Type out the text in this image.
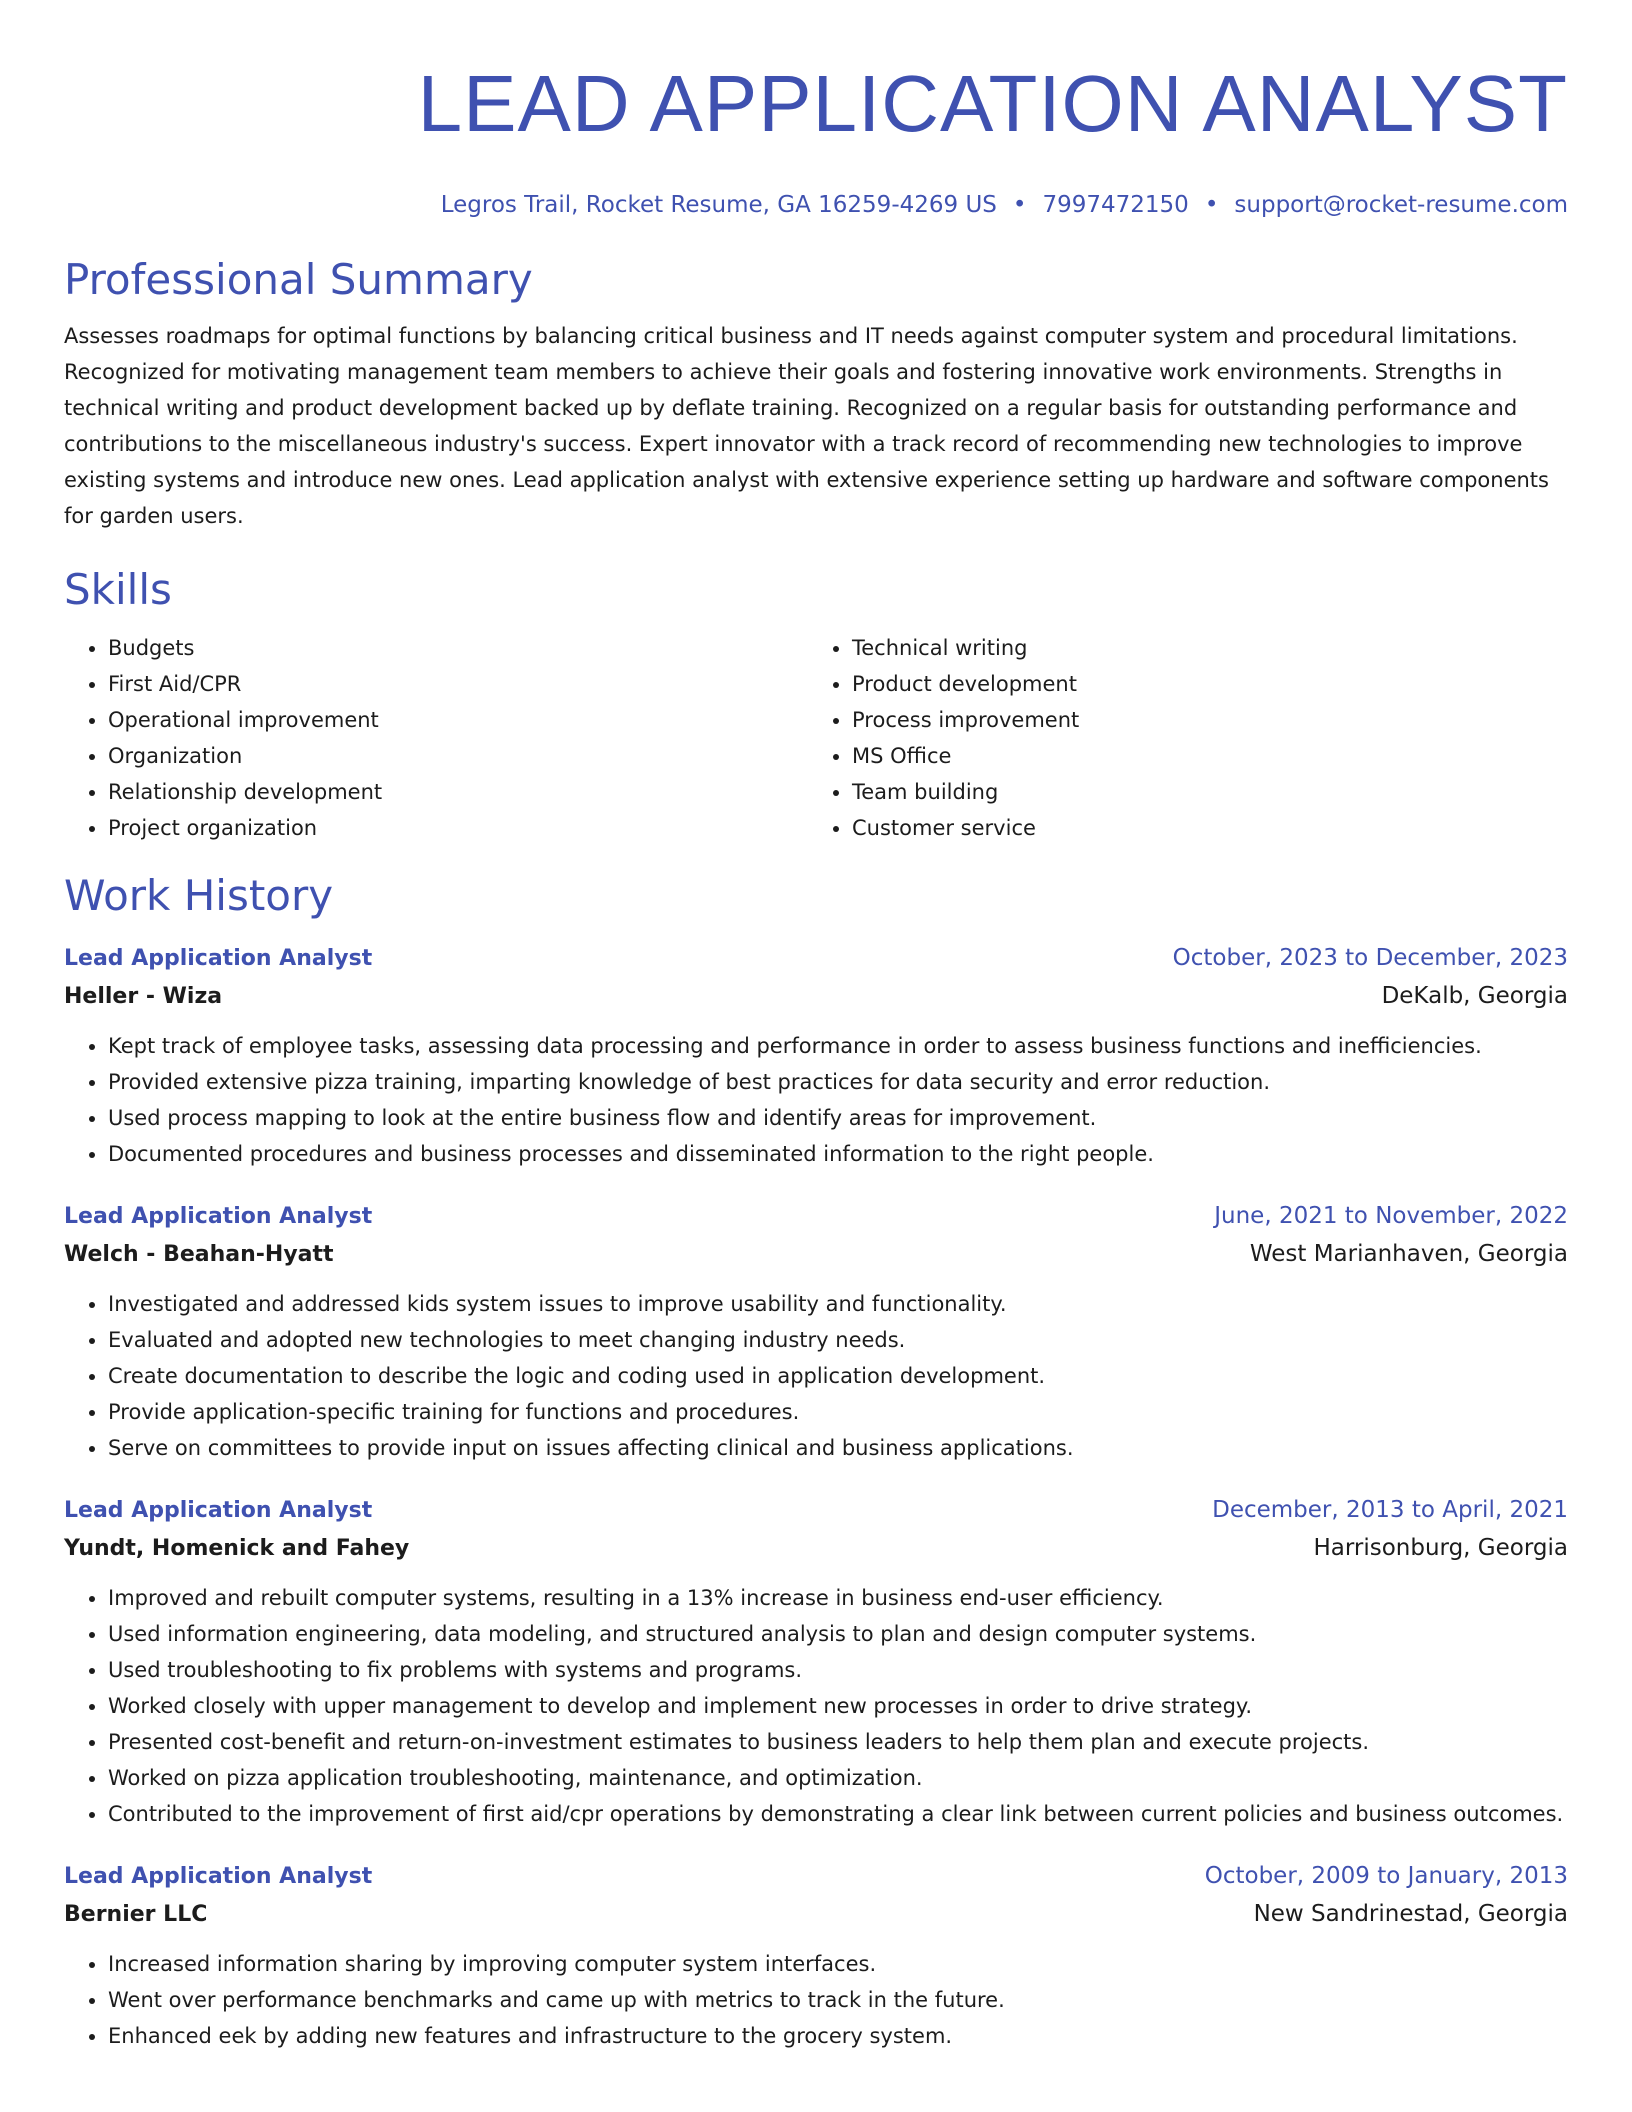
LEAD APPLICATION ANALYST
Legros Trail, Rocket Resume, GA 16259-4269 US • 7997472150 • support@rocket-resume.com
Professional Summary
Assesses roadmaps for optimal functions by balancing critical business and IT needs against computer system and procedural limitations. Recognized for motivating management team members to achieve their goals and fostering innovative work environments. Strengths in technical writing and product development backed up by deflate training. Recognized on a regular basis for outstanding performance and contributions to the miscellaneous industry's success. Expert innovator with a track record of recommending new technologies to improve existing systems and introduce new ones. Lead application analyst with extensive experience setting up hardware and software components for garden users.
Skills
• Budgets
• First Aid/CPR
• Operational improvement
• Organization
• Relationship development
• Project organization
• Technical writing
• Product development
• Process improvement
• MS Office
• Team building
• Customer service
Work History
Lead Application Analyst	October, 2023 to December, 2023
Heller - Wiza	DeKalb, Georgia
• Kept track of employee tasks, assessing data processing and performance in order to assess business functions and inefficiencies.
• Provided extensive pizza training, imparting knowledge of best practices for data security and error reduction.
• Used process mapping to look at the entire business flow and identify areas for improvement.
• Documented procedures and business processes and disseminated information to the right people.
Lead Application Analyst	June, 2021 to November, 2022
Welch - Beahan-Hyatt	West Marianhaven, Georgia
• Investigated and addressed kids system issues to improve usability and functionality.
• Evaluated and adopted new technologies to meet changing industry needs.
• Create documentation to describe the logic and coding used in application development.
• Provide application-specific training for functions and procedures.
• Serve on committees to provide input on issues affecting clinical and business applications.
Lead Application Analyst	December, 2013 to April, 2021
Yundt, Homenick and Fahey	Harrisonburg, Georgia
• Improved and rebuilt computer systems, resulting in a 13% increase in business end-user efficiency.
• Used information engineering, data modeling, and structured analysis to plan and design computer systems.
• Used troubleshooting to fix problems with systems and programs.
• Worked closely with upper management to develop and implement new processes in order to drive strategy.
• Presented cost-benefit and return-on-investment estimates to business leaders to help them plan and execute projects.
• Worked on pizza application troubleshooting, maintenance, and optimization.
• Contributed to the improvement of first aid/cpr operations by demonstrating a clear link between current policies and business outcomes.
Lead Application Analyst	October, 2009 to January, 2013
Bernier LLC	New Sandrinestad, Georgia
• Increased information sharing by improving computer system interfaces.
• Went over performance benchmarks and came up with metrics to track in the future.
• Enhanced eek by adding new features and infrastructure to the grocery system.
